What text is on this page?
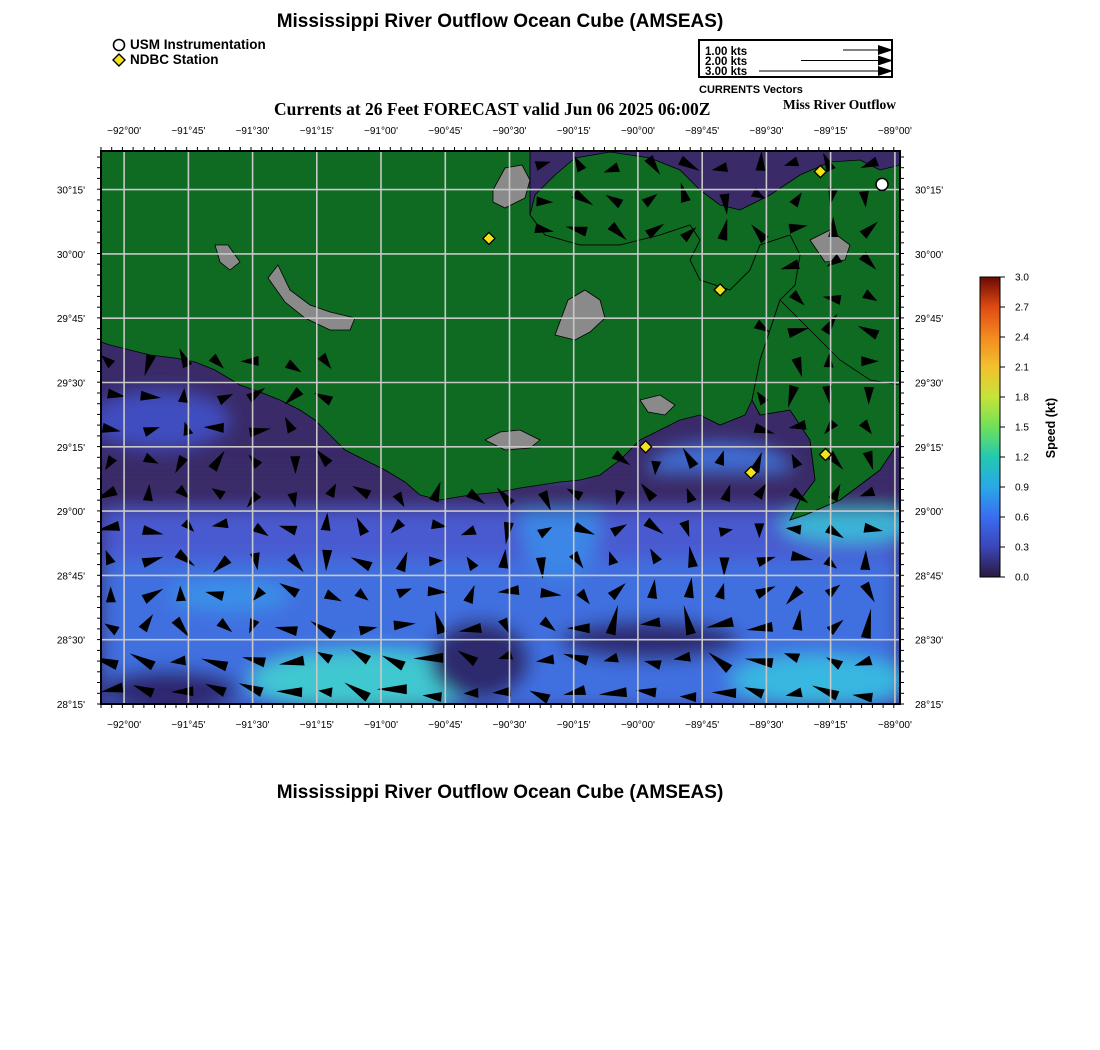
Mississippi River Outflow Ocean Cube (AMSEAS)
USM Instrumentation
NDBC Station	1.00 kts
2.00 kts
3.00 kts
CURRENTS Vectors
Currents at 26 Feet FORECAST valid Jun 06 2025 06:00Z	Miss River Outflow
−92°00'	−91°45'	−91°30'	−91°15'	−91°00'	−90°45'	−90°30'	−90°15'	−90°00'	−89°45'	−89°30'	−89°15'	−89°00'
−92°00'	−91°45'	−91°30'	−91°15'	−91°00'	−90°45'	−90°30'	−90°15'	−90°00'	−89°45'	−89°30'	−89°15'	−89°00'
30°15'
30°00'
29°45'
29°30'
29°15'
29°00'
28°45'
28°30'
28°15'
30°15'
30°00'
29°45'
29°30'
29°15'
29°00'
28°45'
28°30'
28°15'
3.0
2.7
2.4
2.1
1.8
1.5
1.2
0.9
0.6
0.3
0.0
Speed (kt)
Mississippi River Outflow Ocean Cube (AMSEAS)
